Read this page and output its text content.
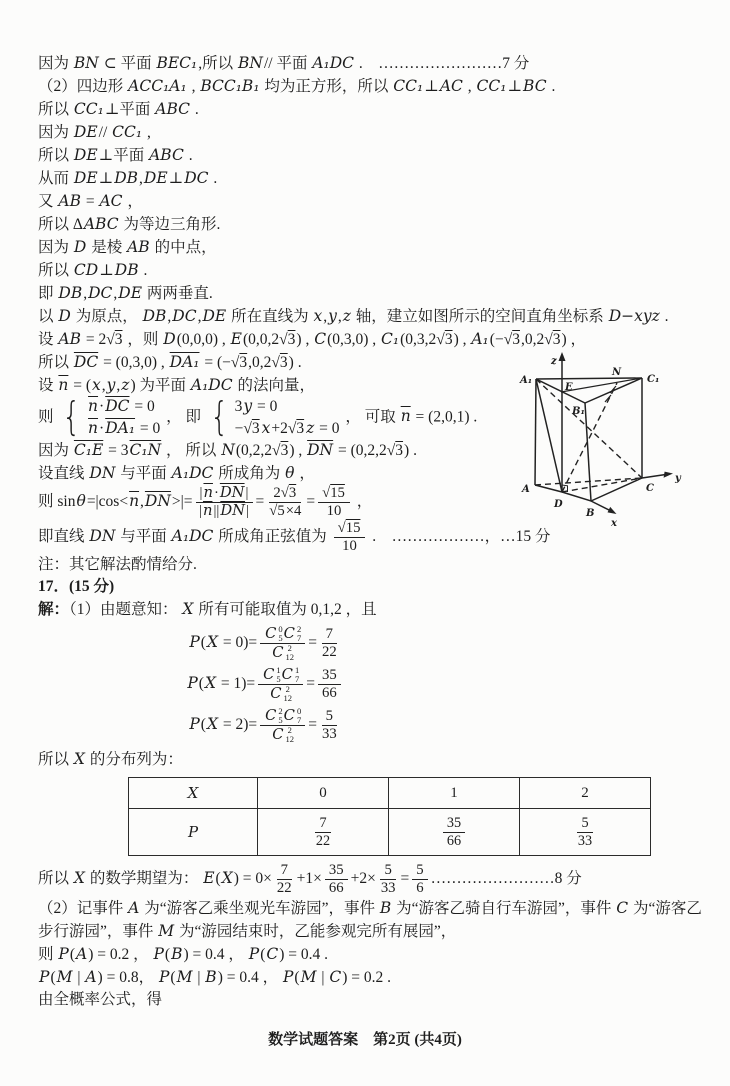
因为 BN ⊂ 平面 BEC₁,所以 BN// 平面 A₁DC .　……………………7 分
（2）四边形 ACC₁A₁ , BCC₁B₁ 均为正方形，所以 CC₁⊥AC , CC₁⊥BC .
所以 CC₁⊥平面 ABC .
因为 DE// CC₁ ,
所以 DE⊥平面 ABC .
从而 DE⊥DB,DE⊥DC .
又 AB = AC ，
所以 ΔABC 为等边三角形.
因为 D 是棱 AB 的中点，
所以 CD⊥DB .
即 DB,DC,DE 两两垂直.
以 D 为原点， DB,DC,DE 所在直线为 x,y,z 轴，建立如图所示的空间直角坐标系 D−xyz .
设 AB = 2√3 ，则 D(0,0,0) , E(0,0,2√3) , C(0,3,0) , C₁(0,3,2√3) , A₁(−√3,0,2√3) ，
所以 $\overline{DC} = (0,3,0)$ , DA₁ = (−√3,0,2√3) .
设 $\overline{n} = (x,y,z)$ 为平面 A₁DC 的法向量，
则 { $\overline{n}\cdot\overline{DC} = 0$
$\overline{n}\cdot DA_1 = 0$
， 即 { 3y = 0
−√3 x+2√3 z = 0
， 可取 $\overline{n} = (2,0,1)$ .
因为 C₁E = 3C₁N ， 所以 N(0,2,2√3) , $\overline{DN} = (0,2,2√3)$ .
设直线 DN 与平面 A₁DC 所成角为 θ ，
则 $\sin\theta=|\cos<\overline{n},\overline{DN}>|= \frac{|\overline{n}\cdot\overline{DN}|}{|\overline{n}||\overline{DN}|} = \frac{2√3}{√5\times 4} = \frac{√15}{10}$ ，
即直线 DN 与平面 A₁DC 所成角正弦值为 $\frac{√15}{10}$ .　………………，…15 分
注：其它解法酌情给分.
17．(15 分)
解：（1）由题意知： X 所有可能取值为 0,1,2 ，且
P(X = 0)= C 0
5 C 2
7
C 2
$12 = \frac{7}{22}$
P(X = 1)= C 1
5 C 1
7
C 2
$12 = \frac{35}{66}$
P(X = 2)= C 2
5 C 0
7
C 2
$12 = \frac{5}{33}$
所以 X 的分布列为：
X	0	1	2
P	$\frac{7}{22}$	$\frac{35}{66}$	$\frac{5}{33}$
所以 X 的数学期望为： $E(X) = 0\times \frac{7}{22} +1\times \frac{35}{66} +2\times \frac{5}{33} = \frac{5}{6}$ ……………………8 分
（2）记事件 A 为“游客乙乘坐观光车游园”，事件 B 为“游客乙骑自行车游园”，事件 C 为“游客乙步行游园”，事件 M 为“游园结束时，乙能参观完所有展园”，
则 P(A) = 0.2 ， P(B) = 0.4 ， P(C) = 0.4 .
P(M | A) = 0.8， P(M | B) = 0.4 ， P(M | C) = 0.2 .
由全概率公式，得
z
A₁
E
N
C₁
B₁
A
D
B
C
y
x
数学试题答案　第2页 (共4页)
